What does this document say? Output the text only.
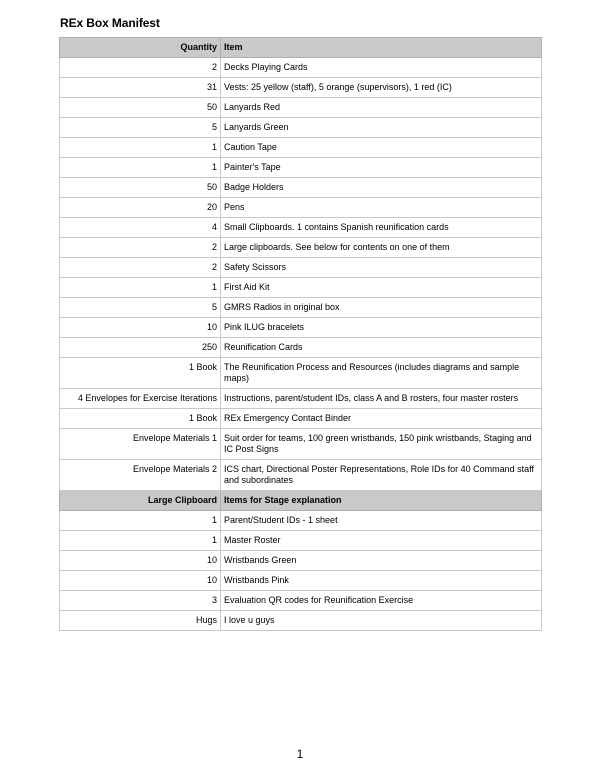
REx Box Manifest
Quantity	Item
2	Decks Playing Cards
31	Vests: 25 yellow (staff), 5 orange (supervisors), 1 red (IC)
50	Lanyards Red
5	Lanyards Green
1	Caution Tape
1	Painter's Tape
50	Badge Holders
20	Pens
4	Small Clipboards. 1 contains Spanish reunification cards
2	Large clipboards. See below for contents on one of them
2	Safety Scissors
1	First Aid Kit
5	GMRS Radios in original box
10	Pink ILUG bracelets
250	Reunification Cards
1 Book	The Reunification Process and Resources (includes diagrams and sample maps)
4 Envelopes for Exercise Iterations	Instructions, parent/student IDs, class A and B rosters, four master rosters
1 Book	REx Emergency Contact Binder
Envelope Materials 1	Suit order for teams, 100 green wristbands, 150 pink wristbands, Staging and IC Post Signs
Envelope Materials 2	ICS chart, Directional Poster Representations, Role IDs for 40 Command staff and subordinates
Large Clipboard	Items for Stage explanation
1	Parent/Student IDs - 1 sheet
1	Master Roster
10	Wristbands Green
10	Wristbands Pink
3	Evaluation QR codes for Reunification Exercise
Hugs	I love u guys
1
